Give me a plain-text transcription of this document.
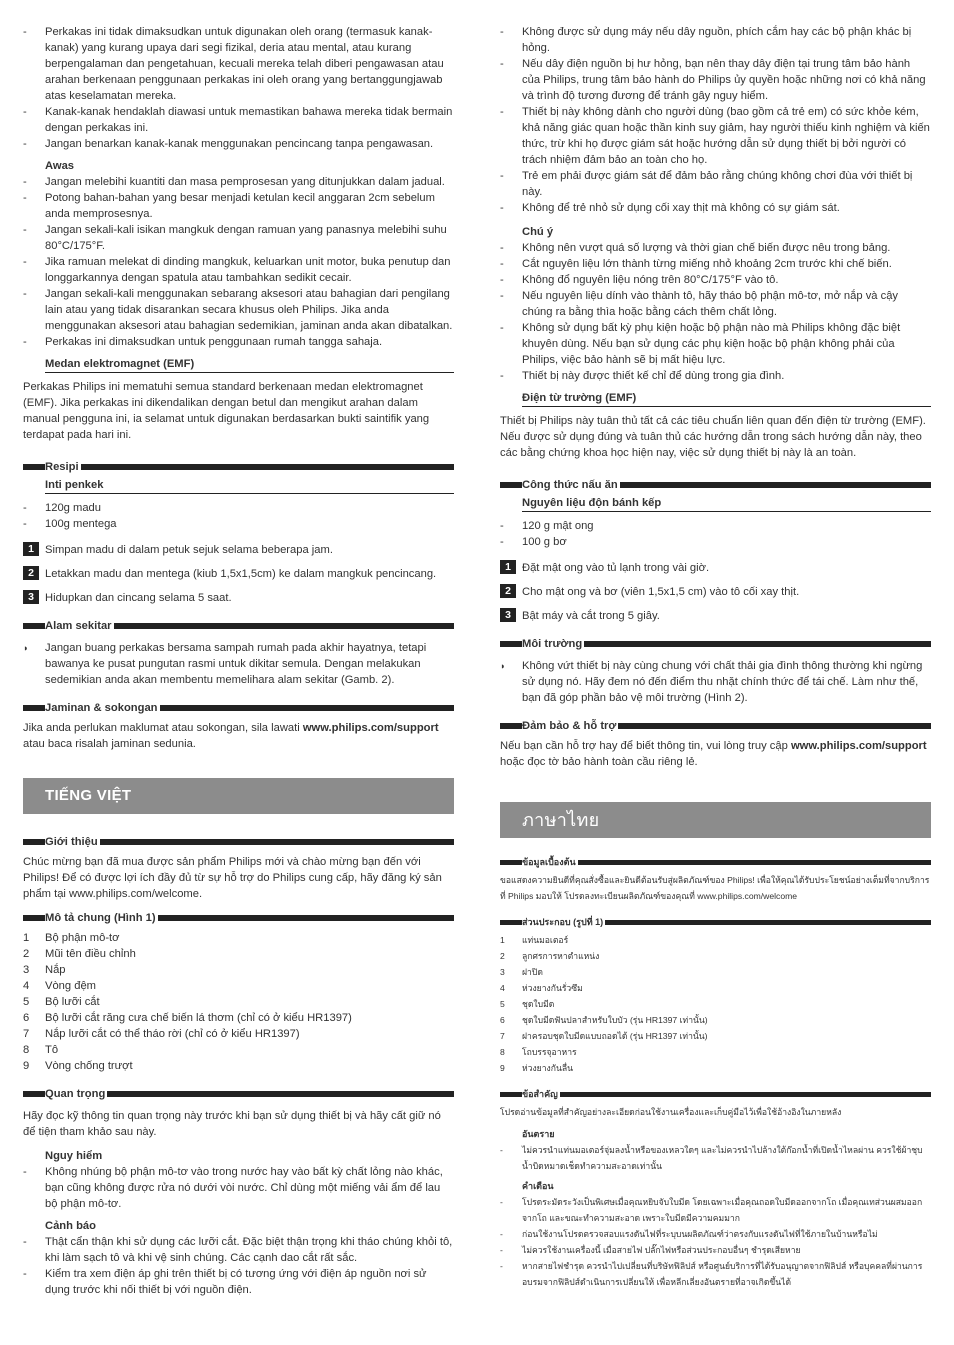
- Perkakas ini tidak dimaksudkan untuk digunakan oleh orang (termasuk kanak-kanak) yang kurang upaya dari segi fizikal, deria atau mental, atau kurang berpengalaman dan pengetahuan, kecuali mereka telah diberi pengawasan atau arahan berkenaan penggunaan perkakas ini oleh orang yang bertanggungjawab atas keselamatan mereka.
- Kanak-kanak hendaklah diawasi untuk memastikan bahawa mereka tidak bermain dengan perkakas ini.
- Jangan benarkan kanak-kanak menggunakan pencincang tanpa pengawasan.
Awas
- Jangan melebihi kuantiti dan masa pemprosesan yang ditunjukkan dalam jadual.
- Potong bahan-bahan yang besar menjadi ketulan kecil anggaran 2cm sebelum anda memprosesnya.
- Jangan sekali-kali isikan mangkuk dengan ramuan yang panasnya melebihi suhu 80°C/175°F.
- Jika ramuan melekat di dinding mangkuk, keluarkan unit motor, buka penutup dan longgarkannya dengan spatula atau tambahkan sedikit cecair.
- Jangan sekali-kali menggunakan sebarang aksesori atau bahagian dari pengilang lain atau yang tidak disarankan secara khusus oleh Philips. Jika anda menggunakan aksesori atau bahagian sedemikian, jaminan anda akan dibatalkan.
- Perkakas ini dimaksudkan untuk penggunaan rumah tangga sahaja.
Medan elektromagnet (EMF)

Perkakas Philips ini mematuhi semua standard berkenaan medan elektromagnet (EMF). Jika perkakas ini dikendalikan dengan betul dan mengikut arahan dalam manual pengguna ini, ia selamat untuk digunakan berdasarkan bukti saintifik yang terdapat pada hari ini.

Resipi
Inti penkek
- 120g madu
- 100g mentega
1 Simpan madu di dalam petuk sejuk selama beberapa jam.
2 Letakkan madu dan mentega (kiub 1,5x1,5cm) ke dalam mangkuk pencincang.
3 Hidupkan dan cincang selama 5 saat.
Alam sekitar
◗	Jangan buang perkakas bersama sampah rumah pada akhir hayatnya, tetapi bawanya ke pusat pungutan rasmi untuk dikitar semula. Dengan melakukan sedemikian anda akan membentu memelihara alam sekitar (Gamb. 2).
Jaminan & sokongan

Jika anda perlukan maklumat atau sokongan, sila lawati www.philips.com/support atau baca risalah jaminan sedunia.

TIẾNG VIỆT
Giới thiệu

Chúc mừng bạn đã mua được sản phẩm Philips mới và chào mừng bạn đến với Philips! Để có được lợi ích đầy đủ từ sự hỗ trợ do Philips cung cấp, hãy đăng ký sản phẩm tại www.philips.com/welcome.

Mô tả chung (Hình 1)
1 Bộ phận mô-tơ
2 Mũi tên điều chỉnh
3 Nắp
4 Vòng đệm
5 Bộ lưỡi cắt
6 Bộ lưỡi cắt răng cưa chế biến lá thơm (chỉ có ở kiểu HR1397)
7 Nắp lưỡi cắt có thể tháo rời (chỉ có ở kiểu HR1397)
8 Tô
9 Vòng chống trượt
Quan trọng

Hãy đọc kỹ thông tin quan trọng này trước khi bạn sử dụng thiết bị và hãy cất giữ nó để tiện tham khảo sau này.

Nguy hiểm
- Không nhúng bộ phận mô-tơ vào trong nước hay vào bất kỳ chất lỏng nào khác, bạn cũng không được rửa nó dưới vòi nước. Chỉ dùng một miếng vải ẩm để lau bộ phận mô-tơ.
Cảnh báo
- Thật cẩn thận khi sử dụng các lưỡi cắt. Đặc biệt thận trọng khi tháo chúng khỏi tô, khi làm sạch tô và khi vệ sinh chúng. Các cạnh dao cắt rất sắc.
- Kiểm tra xem điện áp ghi trên thiết bị có tương ứng với điện áp nguồn nơi sử dụng trước khi nối thiết bị với nguồn điện.
- Không được sử dụng máy nếu dây nguồn, phích cắm hay các bộ phận khác bị hỏng.
- Nếu dây điện nguồn bị hư hỏng, bạn nên thay dây điện tại trung tâm bảo hành của Philips, trung tâm bảo hành do Philips ủy quyền hoặc những nơi có khả năng và trình độ tương đương để tránh gây nguy hiểm.
- Thiết bị này không dành cho người dùng (bao gồm cả trẻ em) có sức khỏe kém, khả năng giác quan hoặc thần kinh suy giảm, hay người thiếu kinh nghiệm và kiến thức, trừ khi họ được giám sát hoặc hướng dẫn sử dụng thiết bị bởi người có trách nhiệm đảm bảo an toàn cho họ.
- Trẻ em phải được giám sát để đảm bảo rằng chúng không chơi đùa với thiết bị này.
- Không để trẻ nhỏ sử dụng cối xay thịt mà không có sự giám sát.
Chú ý
- Không nên vượt quá số lượng và thời gian chế biến được nêu trong bảng.
- Cắt nguyên liệu lớn thành từng miếng nhỏ khoảng 2cm trước khi chế biến.
- Không đổ nguyên liệu nóng trên 80°C/175°F vào tô.
- Nếu nguyên liệu dính vào thành tô, hãy tháo bộ phận mô-tơ, mở nắp và cậy chúng ra bằng thìa hoặc bằng cách thêm chất lỏng.
- Không sử dụng bất kỳ phụ kiện hoặc bộ phận nào mà Philips không đặc biệt khuyên dùng. Nếu bạn sử dụng các phụ kiện hoặc bộ phận không phải của Philips, việc bảo hành sẽ bị mất hiệu lực.
- Thiết bị này được thiết kế chỉ để dùng trong gia đình.
Điện từ trường (EMF)

Thiết bị Philips này tuân thủ tất cả các tiêu chuẩn liên quan đến điện từ trường (EMF). Nếu được sử dụng đúng và tuân thủ các hướng dẫn trong sách hướng dẫn này, theo các bằng chứng khoa học hiện nay, việc sử dụng thiết bị này là an toàn.

Công thức nấu ăn
Nguyên liệu độn bánh kếp
- 120 g mật ong
- 100 g bơ
1 Đặt mật ong vào tủ lạnh trong vài giờ.
2 Cho mật ong và bơ (viên 1,5x1,5 cm) vào tô cối xay thịt.
3 Bật máy và cắt trong 5 giây.
Môi trường
◗	Không vứt thiết bị này cùng chung với chất thải gia đình thông thường khi ngừng sử dụng nó. Hãy đem nó đến điểm thu nhặt chính thức để tái chế. Làm như thế, bạn đã góp phần bảo vệ môi trường (Hình 2).
Đảm bảo & hỗ trợ

Nếu bạn cần hỗ trợ hay để biết thông tin, vui lòng truy cập www.philips.com/support hoặc đọc tờ bảo hành toàn cầu riêng lẻ.

ภาษาไทย
ข้อมูลเบื้องต้น

ขอแสดงความยินดีที่คุณสั่งซื้อและยินดีต้อนรับสู่ผลิตภัณฑ์ของ Philips! เพื่อให้คุณได้รับประโยชน์อย่างเต็มที่จากบริการที่ Philips มอบให้ โปรดลงทะเบียนผลิตภัณฑ์ของคุณที่ www.philips.com/welcome

ส่วนประกอบ (รูปที่ 1)
1 แท่นมอเตอร์
2 ลูกศรการหาตำแหน่ง
3 ฝาปิด
4 ห่วงยางกันรั่วซึม
5 ชุดใบมีด
6 ชุดใบมีดฟันปลาสำหรับใบบัว (รุ่น HR1397 เท่านั้น)
7 ฝาครอบชุดใบมีดแบบถอดได้ (รุ่น HR1397 เท่านั้น)
8 โถบรรจุอาหาร
9 ห่วงยางกันลื่น
ข้อสำคัญ

โปรดอ่านข้อมูลที่สำคัญอย่างละเอียดก่อนใช้งานเครื่องและเก็บคู่มือไว้เพื่อใช้อ้างอิงในภายหลัง

อันตราย
- ไม่ควรนำแท่นมอเตอร์จุ่มลงน้ำหรือของเหลวใดๆ และไม่ควรนำไปล้างใต้ก๊อกน้ำที่เปิดน้ำไหลผ่าน ควรใช้ผ้าชุบน้ำบิดหมาดเช็ดทำความสะอาดเท่านั้น
คำเตือน
- โปรดระมัดระวังเป็นพิเศษเมื่อคุณหยิบจับใบมีด โดยเฉพาะเมื่อคุณถอดใบมีดออกจากโถ เมื่อคุณเทส่วนผสมออกจากโถ และขณะทำความสะอาด เพราะใบมีดมีความคมมาก
- ก่อนใช้งานโปรดตรวจสอบแรงดันไฟที่ระบุบนผลิตภัณฑ์ว่าตรงกับแรงดันไฟที่ใช้ภายในบ้านหรือไม่
- ไม่ควรใช้งานเครื่องนี้ เมื่อสายไฟ ปลั๊กไฟหรือส่วนประกอบอื่นๆ ชำรุดเสียหาย
- หากสายไฟชำรุด ควรนำไปเปลี่ยนที่บริษัทฟิลิปส์ หรือศูนย์บริการที่ได้รับอนุญาตจากฟิลิปส์ หรือบุคคลที่ผ่านการอบรมจากฟิลิปส์ดำเนินการเปลี่ยนให้ เพื่อหลีกเลี่ยงอันตรายที่อาจเกิดขึ้นได้
